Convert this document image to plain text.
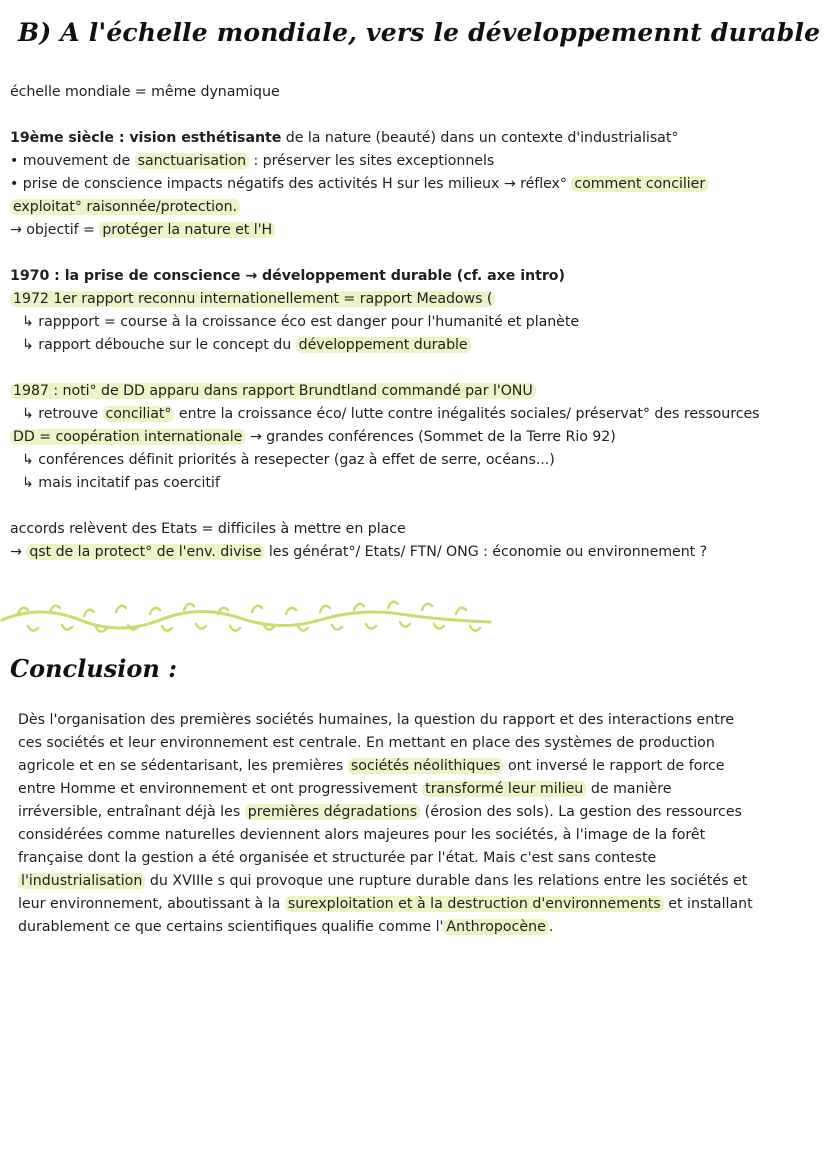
B) A l'échelle mondiale, vers le développemennt durable
échelle mondiale = même dynamique
19ème siècle : vision esthétisante de la nature (beauté) dans un contexte d'industrialisat°
• mouvement de sanctuarisation : préserver les sites exceptionnels
• prise de conscience impacts négatifs des activités H sur les milieux → réflex° comment concilier
exploitat° raisonnée/protection.
→ objectif = protéger la nature et l'H
1970 : la prise de conscience → développement durable (cf. axe intro)
1972 1er rapport reconnu internationellement = rapport Meadows (
↳ rappport = course à la croissance éco est danger pour l'humanité et planète
↳ rapport débouche sur le concept du développement durable
1987 : noti° de DD apparu dans rapport Brundtland commandé par l'ONU
↳ retrouve conciliat° entre la croissance éco/ lutte contre inégalités sociales/ préservat° des ressources
DD = coopération internationale → grandes conférences (Sommet de la Terre Rio 92)
↳ conférences définit priorités à resepecter (gaz à effet de serre, océans...)
↳ mais incitatif pas coercitif
accords relèvent des Etats = difficiles à mettre en place
→ qst de la protect° de l'env. divise les générat°/ Etats/ FTN/ ONG : économie ou environnement ?
Conclusion :
Dès l'organisation des premières sociétés humaines, la question du rapport et des interactions entre
ces sociétés et leur environnement est centrale. En mettant en place des systèmes de production
agricole et en se sédentarisant, les premières sociétés néolithiques ont inversé le rapport de force
entre Homme et environnement et ont progressivement transformé leur milieu de manière
irréversible, entraînant déjà les premières dégradations (érosion des sols). La gestion des ressources
considérées comme naturelles deviennent alors majeures pour les sociétés, à l'image de la forêt
française dont la gestion a été organisée et structurée par l'état. Mais c'est sans conteste
l'industrialisation du XVIIIe s qui provoque une rupture durable dans les relations entre les sociétés et
leur environnement, aboutissant à la surexploitation et à la destruction d'environnements et installant
durablement ce que certains scientifiques qualifie comme l' Anthropocène .
